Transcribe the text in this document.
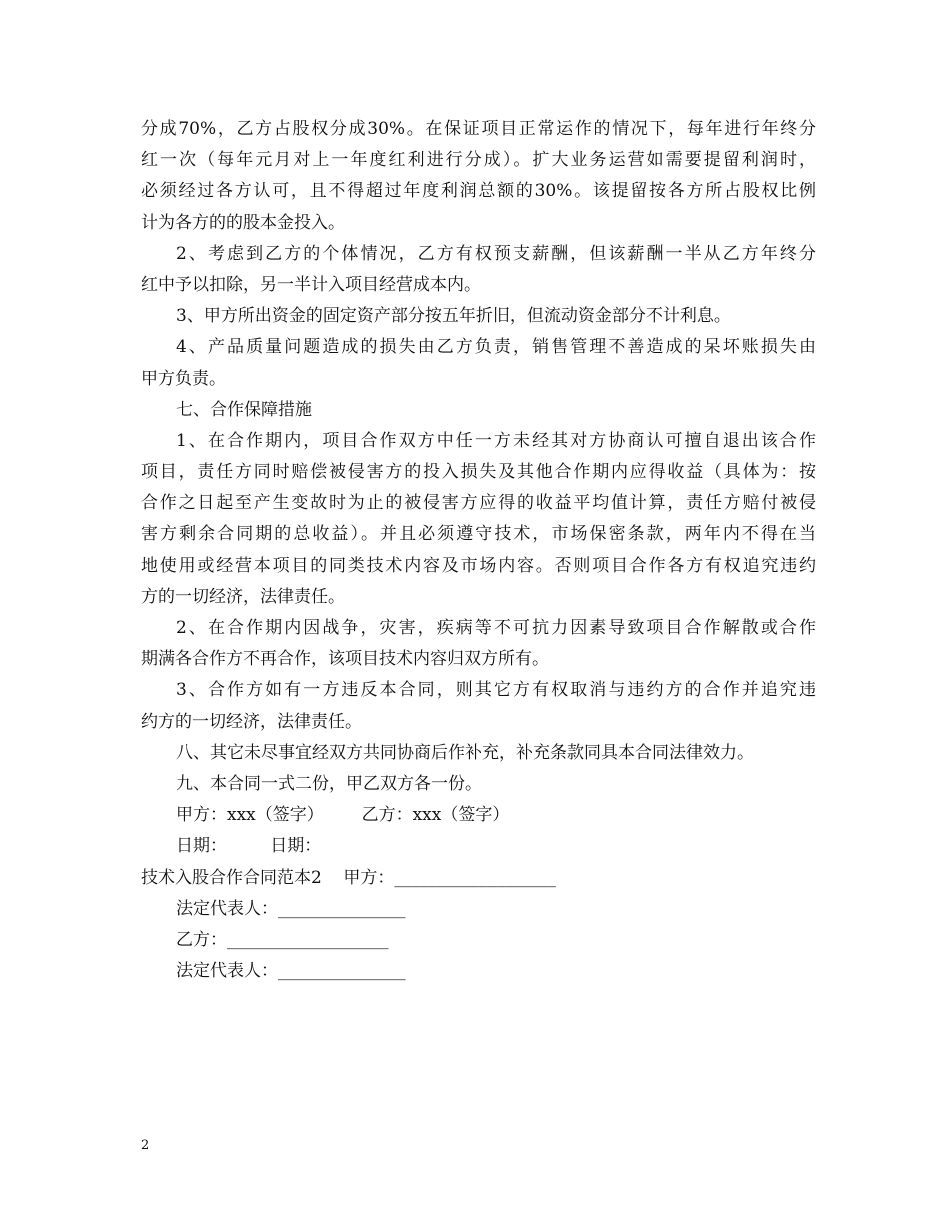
分成70%，乙方占股权分成30%。在保证项目正常运作的情况下，每年进行年终分

红一次（每年元月对上一年度红利进行分成）。扩大业务运营如需要提留利润时，

必须经过各方认可，且不得超过年度利润总额的30%。该提留按各方所占股权比例

计为各方的的股本金投入。

2、考虑到乙方的个体情况，乙方有权预支薪酬，但该薪酬一半从乙方年终分

红中予以扣除，另一半计入项目经营成本内。

3、甲方所出资金的固定资产部分按五年折旧，但流动资金部分不计利息。

4、产品质量问题造成的损失由乙方负责，销售管理不善造成的呆坏账损失由

甲方负责。

七、合作保障措施

1、在合作期内，项目合作双方中任一方未经其对方协商认可擅自退出该合作

项目，责任方同时赔偿被侵害方的投入损失及其他合作期内应得收益（具体为：按

合作之日起至产生变故时为止的被侵害方应得的收益平均值计算，责任方赔付被侵

害方剩余合同期的总收益）。并且必须遵守技术，市场保密条款，两年内不得在当

地使用或经营本项目的同类技术内容及市场内容。否则项目合作各方有权追究违约

方的一切经济，法律责任。

2、在合作期内因战争，灾害，疾病等不可抗力因素导致项目合作解散或合作

期满各合作方不再合作，该项目技术内容归双方所有。

3、合作方如有一方违反本合同，则其它方有权取消与违约方的合作并追究违

约方的一切经济，法律责任。

八、其它未尽事宜经双方共同协商后作补充，补充条款同具本合同法律效力。

九、本合同一式二份，甲乙双方各一份。

甲方：xxx（签字）       乙方：xxx（签字）

日期：        日期：

技术入股合作合同范本2    甲方：___________________

法定代表人：_______________

乙方：___________________

法定代表人：_______________

2
